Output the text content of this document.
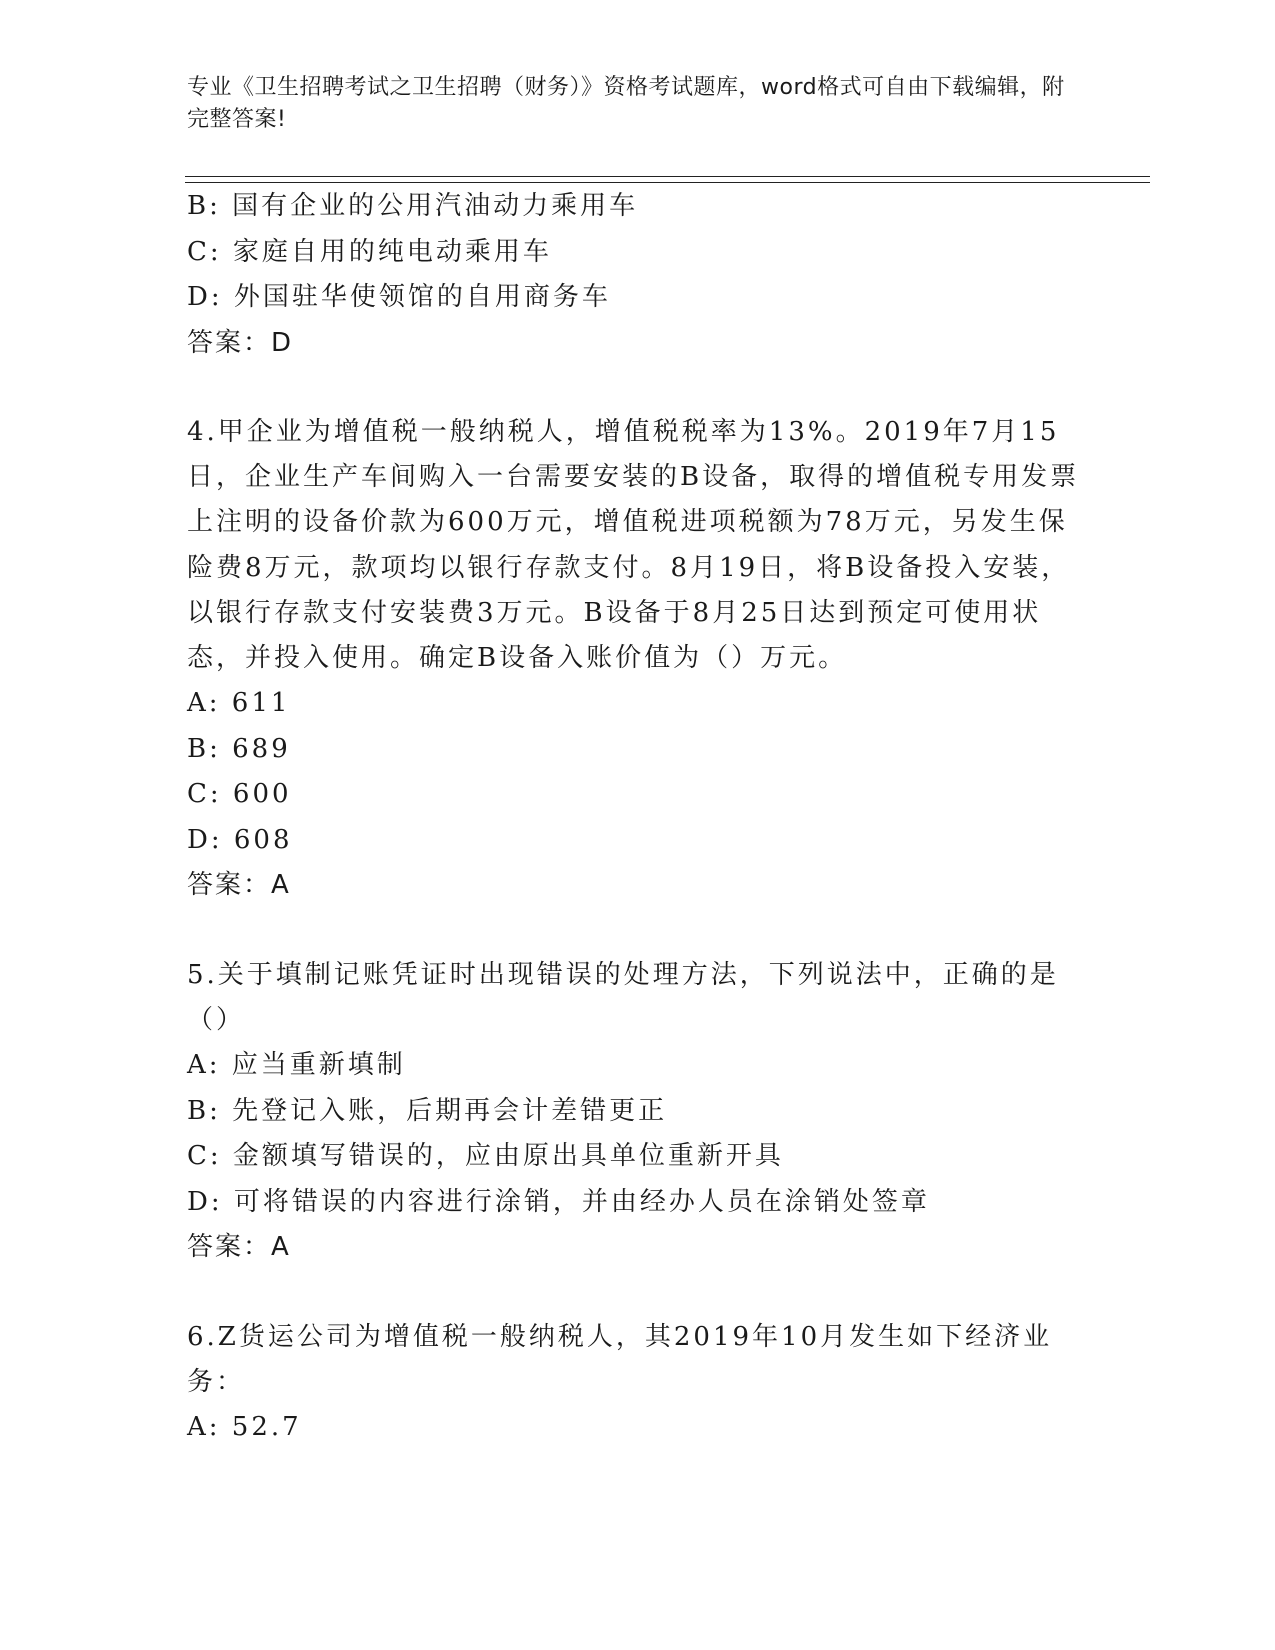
专业《卫生招聘考试之卫生招聘（财务）》资格考试题库，word格式可自由下载编辑，附完整答案!
B: 国有企业的公用汽油动力乘用车
C: 家庭自用的纯电动乘用车
D: 外国驻华使领馆的自用商务车
答案：D
4.甲企业为增值税一般纳税人，增值税税率为13%。2019年7月15日，企业生产车间购入一台需要安装的B设备，取得的增值税专用发票上注明的设备价款为600万元，增值税进项税额为78万元，另发生保险费8万元，款项均以银行存款支付。8月19日，将B设备投入安装，以银行存款支付安装费3万元。B设备于8月25日达到预定可使用状态，并投入使用。确定B设备入账价值为（）万元。
A: 611
B: 689
C: 600
D: 608
答案：A
5.关于填制记账凭证时出现错误的处理方法，下列说法中，正确的是（）
A: 应当重新填制
B: 先登记入账，后期再会计差错更正
C: 金额填写错误的，应由原出具单位重新开具
D: 可将错误的内容进行涂销，并由经办人员在涂销处签章
答案：A
6.Z货运公司为增值税一般纳税人，其2019年10月发生如下经济业务：
A: 52.7
